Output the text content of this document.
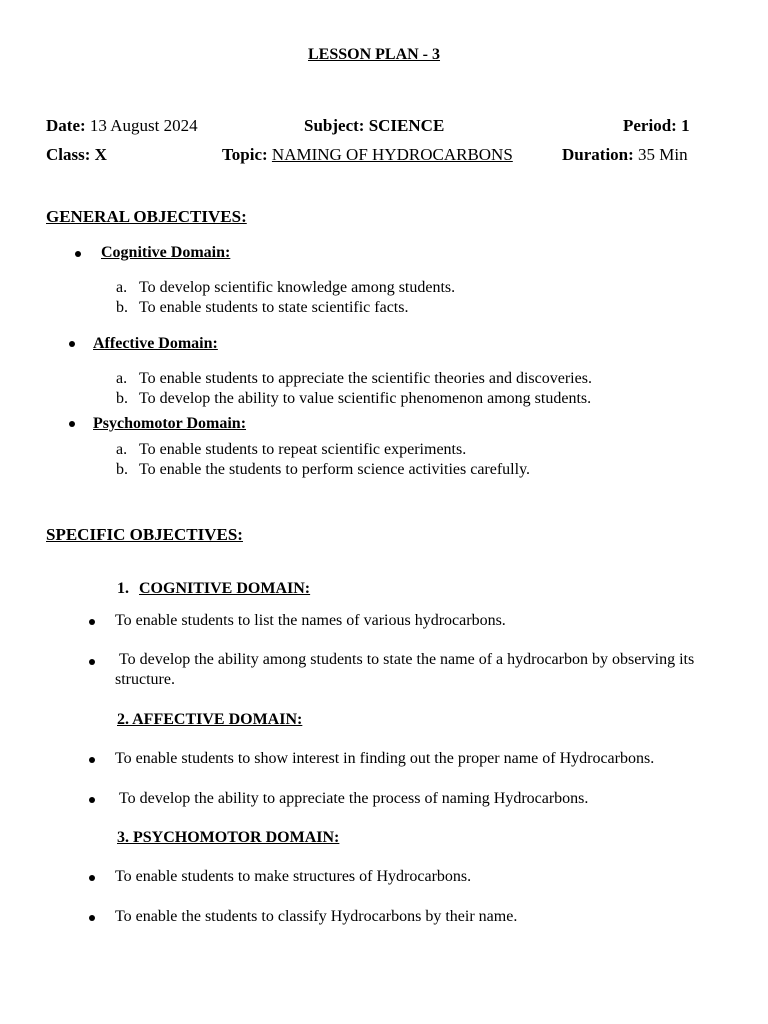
LESSON PLAN - 3
Date: 13 August 2024	Subject: SCIENCE	Period: 1
Class: X	Topic: NAMING OF HYDROCARBONS	Duration: 35 Min
GENERAL OBJECTIVES:
Cognitive Domain:
a. To develop scientific knowledge among students.
b. To enable students to state scientific facts.
Affective Domain:
a. To enable students to appreciate the scientific theories and discoveries.
b. To develop the ability to value scientific phenomenon among students.
Psychomotor Domain:
a. To enable students to repeat scientific experiments.
b. To enable the students to perform science activities carefully.
SPECIFIC OBJECTIVES:
1. COGNITIVE DOMAIN:
To enable students to list the names of various hydrocarbons.
To develop the ability among students to state the name of a hydrocarbon by observing its structure.
2. AFFECTIVE DOMAIN:
To enable students to show interest in finding out the proper name of Hydrocarbons.
To develop the ability to appreciate the process of naming Hydrocarbons.
3. PSYCHOMOTOR DOMAIN:
To enable students to make structures of Hydrocarbons.
To enable the students to classify Hydrocarbons by their name.
